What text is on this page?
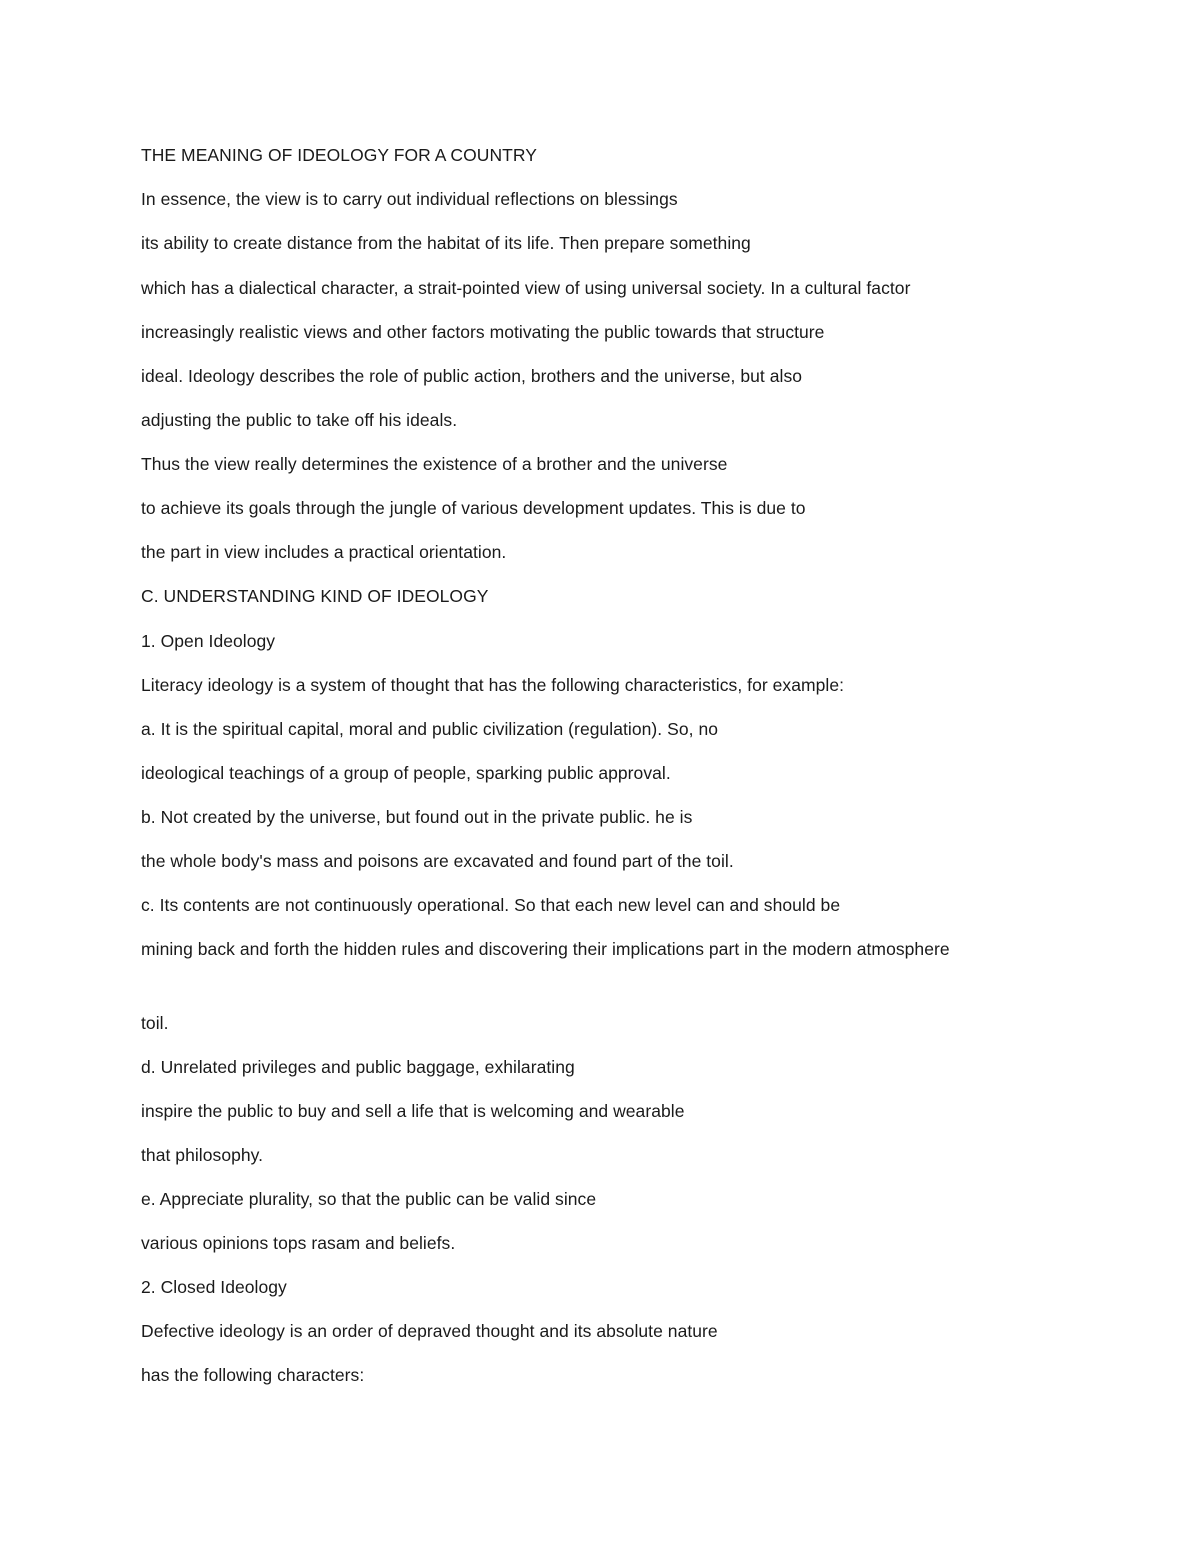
THE MEANING OF IDEOLOGY FOR A COUNTRY
In essence, the view is to carry out individual reflections on blessings
its ability to create distance from the habitat of its life. Then prepare something
which has a dialectical character, a strait-pointed view of using universal society. In a cultural factor
increasingly realistic views and other factors motivating the public towards that structure
ideal. Ideology describes the role of public action, brothers and the universe, but also
adjusting the public to take off his ideals.
Thus the view really determines the existence of a brother and the universe
to achieve its goals through the jungle of various development updates. This is due to
the part in view includes a practical orientation.
C. UNDERSTANDING KIND OF IDEOLOGY
1. Open Ideology
Literacy ideology is a system of thought that has the following characteristics, for example:
a. It is the spiritual capital, moral and public civilization (regulation). So, no
ideological teachings of a group of people, sparking public approval.
b. Not created by the universe, but found out in the private public. he is
the whole body's mass and poisons are excavated and found part of the toil.
c. Its contents are not continuously operational. So that each new level can and should be
mining back and forth the hidden rules and discovering their implications part in the modern atmosphere
toil.
d. Unrelated privileges and public baggage, exhilarating
inspire the public to buy and sell a life that is welcoming and wearable
that philosophy.
e. Appreciate plurality, so that the public can be valid since
various opinions tops rasam and beliefs.
2. Closed Ideology
Defective ideology is an order of depraved thought and its absolute nature
has the following characters:
